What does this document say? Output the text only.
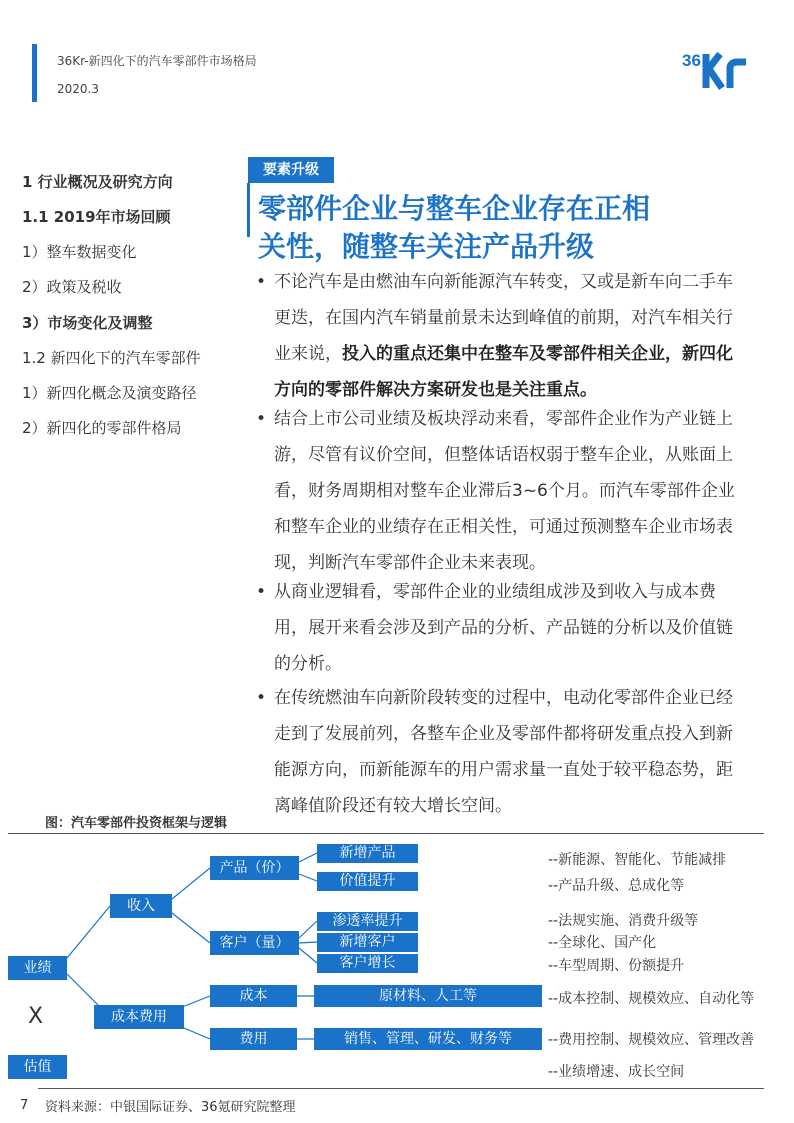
36Kr-新四化下的汽车零部件市场格局
2020.3
36
1 行业概况及研究方向
1.1 2019年市场回顾
1）整车数据变化
2）政策及税收
3）市场变化及调整
1.2 新四化下的汽车零部件
1）新四化概念及演变路径
2）新四化的零部件格局
要素升级
零部件企业与整车企业存在正相
关性，随整车关注产品升级
• 不论汽车是由燃油车向新能源汽车转变，又或是新车向二手车更迭，在国内汽车销量前景未达到峰值的前期，对汽车相关行业来说，投入的重点还集中在整车及零部件相关企业，新四化方向的零部件解决方案研发也是关注重点。
• 结合上市公司业绩及板块浮动来看，零部件企业作为产业链上游，尽管有议价空间，但整体话语权弱于整车企业，从账面上看，财务周期相对整车企业滞后3~6个月。而汽车零部件企业和整车企业的业绩存在正相关性，可通过预测整车企业市场表现，判断汽车零部件企业未来表现。
• 从商业逻辑看，零部件企业的业绩组成涉及到收入与成本费用，展开来看会涉及到产品的分析、产品链的分析以及价值链的分析。
• 在传统燃油车向新阶段转变的过程中，电动化零部件企业已经走到了发展前列，各整车企业及零部件都将研发重点投入到新能源方向，而新能源车的用户需求量一直处于较平稳态势，距离峰值阶段还有较大增长空间。
图：汽车零部件投资框架与逻辑
业绩
X
估值
收入
成本费用
产品（价）
客户（量）
新增产品
价值提升
渗透率提升
新增客户
客户增长
成本
费用
原材料、人工等
销售、管理、研发、财务等
--新能源、智能化、节能减排
--产品升级、总成化等
--法规实施、消费升级等
--全球化、国产化
--车型周期、份额提升
--成本控制、规模效应、自动化等
--费用控制、规模效应、管理改善
--业绩增速、成长空间
7 资料来源：中银国际证券、36氪研究院整理
